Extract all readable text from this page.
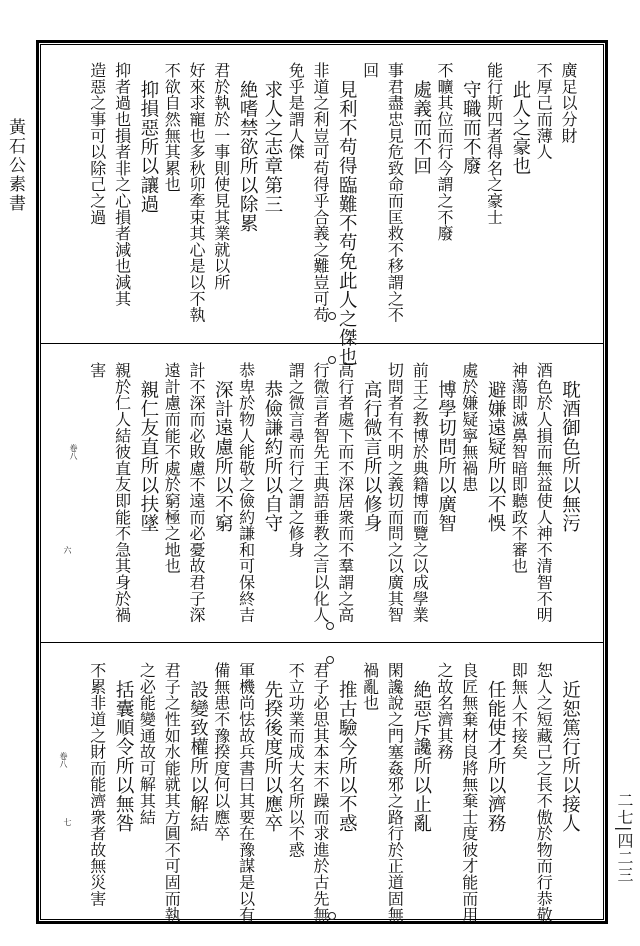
黃石公素書
二七|四二三
廣足以分財
不厚己而薄人
此人之豪也
能行斯四者得名之豪士
守職而不廢
不曠其位而行今謂之不廢
處義而不回
事君盡忠見危致命而匡救不移謂之不
回
見利不苟得臨難不苟免此人之傑也
非道之利豈可苟得乎合義之難豈可苟
免乎是謂人傑
求人之志章第三
絶嗜禁欲所以除累
君於執於一事則使見其業就以所
好來求寵也多秋卯牽束其心是以不執
不欲自然無其累也
抑損惡所以讓過
抑者過也損者非之心損者減也減其
造惡之事可以除己之過
耽酒御色所以無污
酒色於人損而無益使人神不清智不明
神蕩即滅鼻智暗即聽政不審也
避嫌遠疑所以不悞
處於嫌疑寧無禍患
博學切問所以廣智
前王之教博於典籍博而覽之以成學業
切問者有不明之義切而問之以廣其智
高行微言所以修身
高行者處下而不深居衆而不羣謂之高
行微言者智先王典語垂教之言以化人
謂之微言尋而行之謂之修身
恭儉謙約所以自守
恭卑於物人能敬之儉約謙和可保終吉
深計遠慮所以不窮
計不深而必敗慮不遠而必憂故君子深
遠計慮而能不處於窮極之地也
親仁友直所以扶墜
親於仁人結彼直友即能不急其身於禍
害
近恕篤行所以接人
恕人之短藏己之長不傲於物而行恭敬
即無人不接矣
任能使才所以濟務
良匠無棄材良將無棄士度彼才能而用
之故名濟其務
絶惡斥讒所以止亂
閑讒說之門塞姦邪之路行於正道固無
禍亂也
推古驗今所以不惑
君子必思其本末不躁而求進於古先無
不立功業而成大名所以不惑
先揆後度所以應卒
軍機尚怯故兵書曰其要在豫謀是以有
備無患不豫揆度何以應卒
設變致權所以解結
君子之性如水能就其方圓不可固而執
之必能變通故可解其結
括囊順令所以無咎
不累非道之財而能濟衆者故無災害
卷八
六
卷八
七
